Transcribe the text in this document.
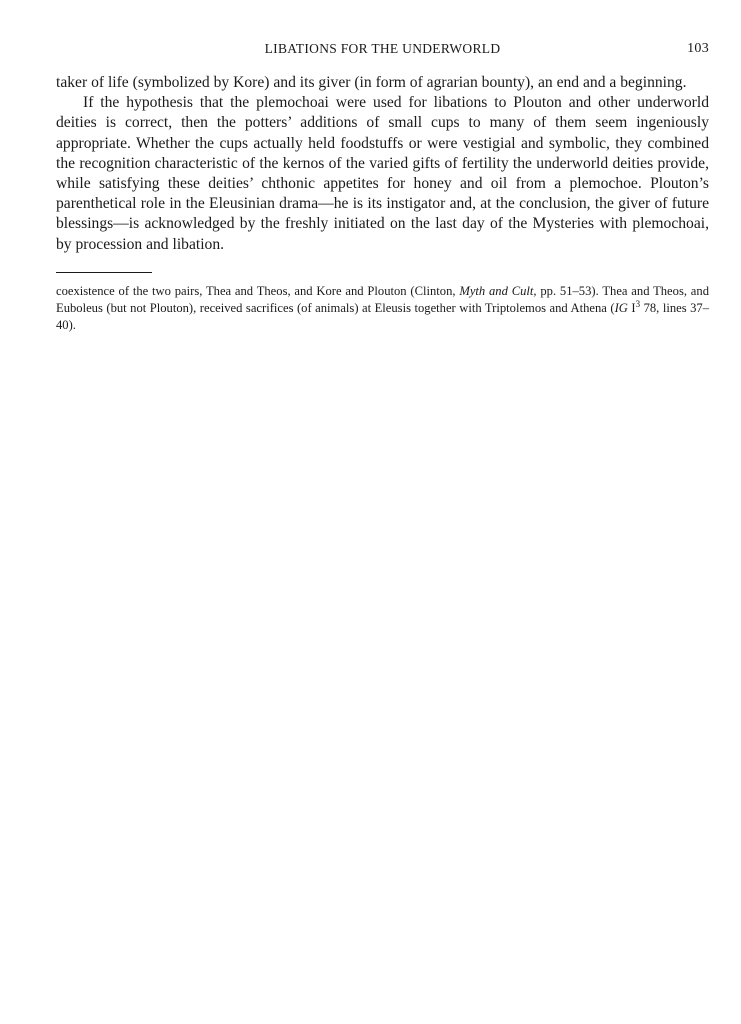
LIBATIONS FOR THE UNDERWORLD	103

taker of life (symbolized by Kore) and its giver (in form of agrarian bounty), an end and a beginning.

If the hypothesis that the plemochoai were used for libations to Plouton and other underworld deities is correct, then the potters’ additions of small cups to many of them seem ingeniously appropriate. Whether the cups actually held foodstuffs or were vestigial and symbolic, they combined the recognition characteristic of the kernos of the varied gifts of fertility the underworld deities provide, while satisfying these deities’ chthonic appetites for honey and oil from a plemochoe. Plouton’s parenthetical role in the Eleusinian drama—he is its instigator and, at the conclusion, the giver of future blessings—is acknowledged by the freshly initiated on the last day of the Mysteries with plemochoai, by procession and libation.

coexistence of the two pairs, Thea and Theos, and Kore and Plouton (Clinton, Myth and Cult, pp. 51–53). Thea and Theos, and Euboleus (but not Plouton), received sacrifices (of animals) at Eleusis together with Triptolemos and Athena (IG $I^3$ 78, lines 37–40).
